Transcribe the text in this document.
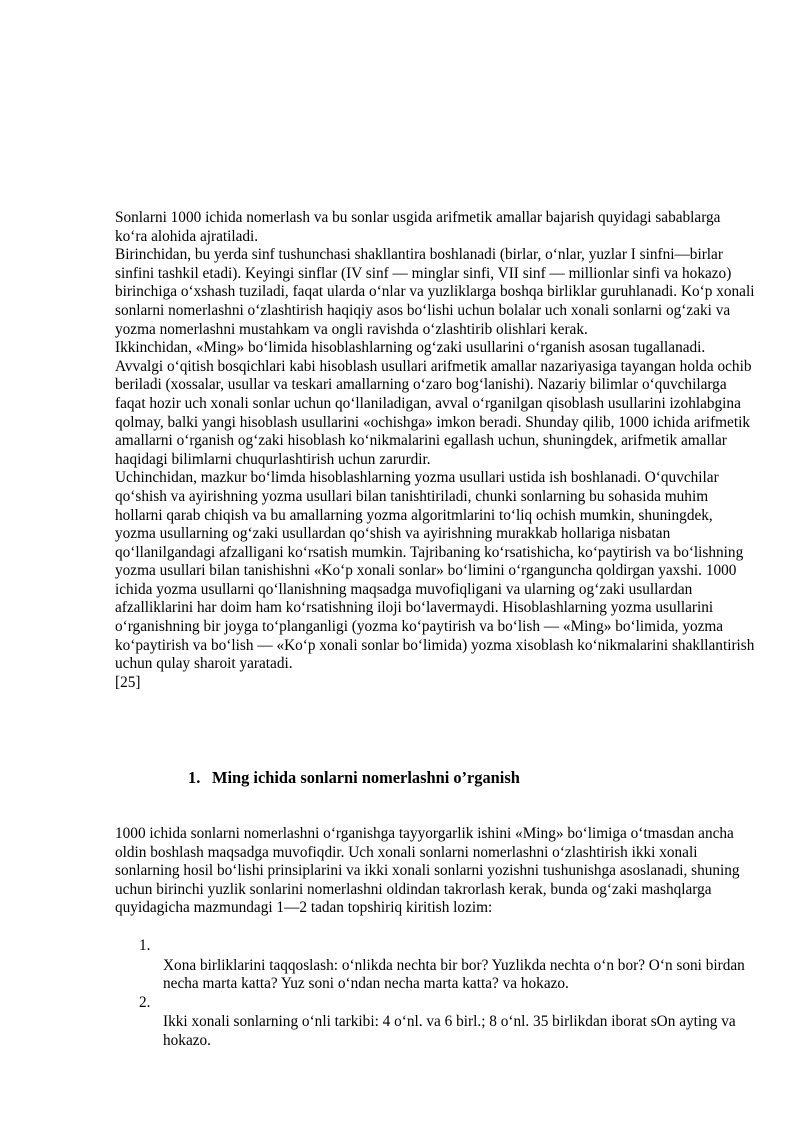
Sonlarni 1000 ichida nomerlash va bu sonlar usgida arifmetik amallar bajarish quyidagi sabablarga ko‘ra alohida ajratiladi.

Birinchidan, bu yerda sinf tushunchasi shakllantira boshlanadi (birlar, o‘nlar, yuzlar I sinfni—birlar sinfini tashkil etadi). Keyingi sinflar (IV sinf — minglar sinfi, VII sinf — millionlar sinfi va hokazo) birinchiga o‘xshash tuziladi, faqat ularda o‘nlar va yuzliklarga boshqa birliklar guruhlanadi. Ko‘p xonali sonlarni nomerlashni o‘zlashtirish haqiqiy asos bo‘lishi uchun bolalar uch xonali sonlarni og‘zaki va yozma nomerlashni mustahkam va ongli ravishda o‘zlashtirib olishlari kerak.

Ikkinchidan, «Ming» bo‘limida hisoblashlarning og‘zaki usullarini o‘rganish asosan tugallanadi. Avvalgi o‘qitish bosqichlari kabi hisoblash usullari arifmetik amallar nazariyasiga tayangan holda ochib beriladi (xossalar, usullar va teskari amallarning o‘zaro bog‘lanishi). Nazariy bilimlar o‘quvchilarga faqat hozir uch xonali sonlar uchun qo‘llaniladigan, avval o‘rganilgan qisoblash usullarini izohlabgina qolmay, balki yangi hisoblash usullarini «ochishga» imkon beradi. Shunday qilib, 1000 ichida arifmetik amallarni o‘rganish og‘zaki hisoblash ko‘nikmalarini egallash uchun, shuningdek, arifmetik amallar haqidagi bilimlarni chuqurlashtirish uchun zarurdir.

Uchinchidan, mazkur bo‘limda hisoblashlarning yozma usullari ustida ish boshlanadi. O‘quvchilar qo‘shish va ayirishning yozma usullari bilan tanishtiriladi, chunki sonlarning bu sohasida muhim hollarni qarab chiqish va bu amallarning yozma algoritmlarini to‘liq ochish mumkin, shuningdek, yozma usullarning og‘zaki usullardan qo‘shish va ayirishning murakkab hollariga nisbatan qo‘llanilgandagi afzalligani ko‘rsatish mumkin. Tajribaning ko‘rsatishicha, ko‘paytirish va bo‘lishning yozma usullari bilan tanishishni «Ko‘p xonali sonlar» bo‘limini o‘rganguncha qoldirgan yaxshi. 1000 ichida yozma usullarni qo‘llanishning maqsadga muvofiqligani va ularning og‘zaki usullardan afzalliklarini har doim ham ko‘rsatishning iloji bo‘lavermaydi. Hisoblashlarning yozma usullarini o‘rganishning bir joyga to‘planganligi (yozma ko‘paytirish va bo‘lish — «Ming» bo‘limida, yozma ko‘paytirish va bo‘lish — «Ko‘p xonali sonlar bo‘limida) yozma xisoblash ko‘nikmalarini shakllantirish uchun qulay sharoit yaratadi.

[25]

1. Ming ichida sonlarni nomerlashni o’rganish

1000 ichida sonlarni nomerlashni o‘rganishga tayyorgarlik ishini «Ming» bo‘limiga o‘tmasdan ancha oldin boshlash maqsadga muvofiqdir. Uch xonali sonlarni nomerlashni o‘zlashtirish ikki xonali sonlarning hosil bo‘lishi prinsiplarini va ikki xonali sonlarni yozishni tushunishga asoslanadi, shuning uchun birinchi yuzlik sonlarini nomerlashni oldindan takrorlash kerak, bunda og‘zaki mashqlarga quyidagicha mazmundagi 1—2 tadan topshiriq kiritish lozim:

1.
Xona birliklarini taqqoslash: o‘nlikda nechta bir bor? Yuzlikda nechta o‘n bor? O‘n soni birdan necha marta katta? Yuz soni o‘ndan necha marta katta? va hokazo.
2.
Ikki xonali sonlarning o‘nli tarkibi: 4 o‘nl. va 6 birl.; 8 o‘nl. 35 birlikdan iborat sOn ayting va hokazo.
